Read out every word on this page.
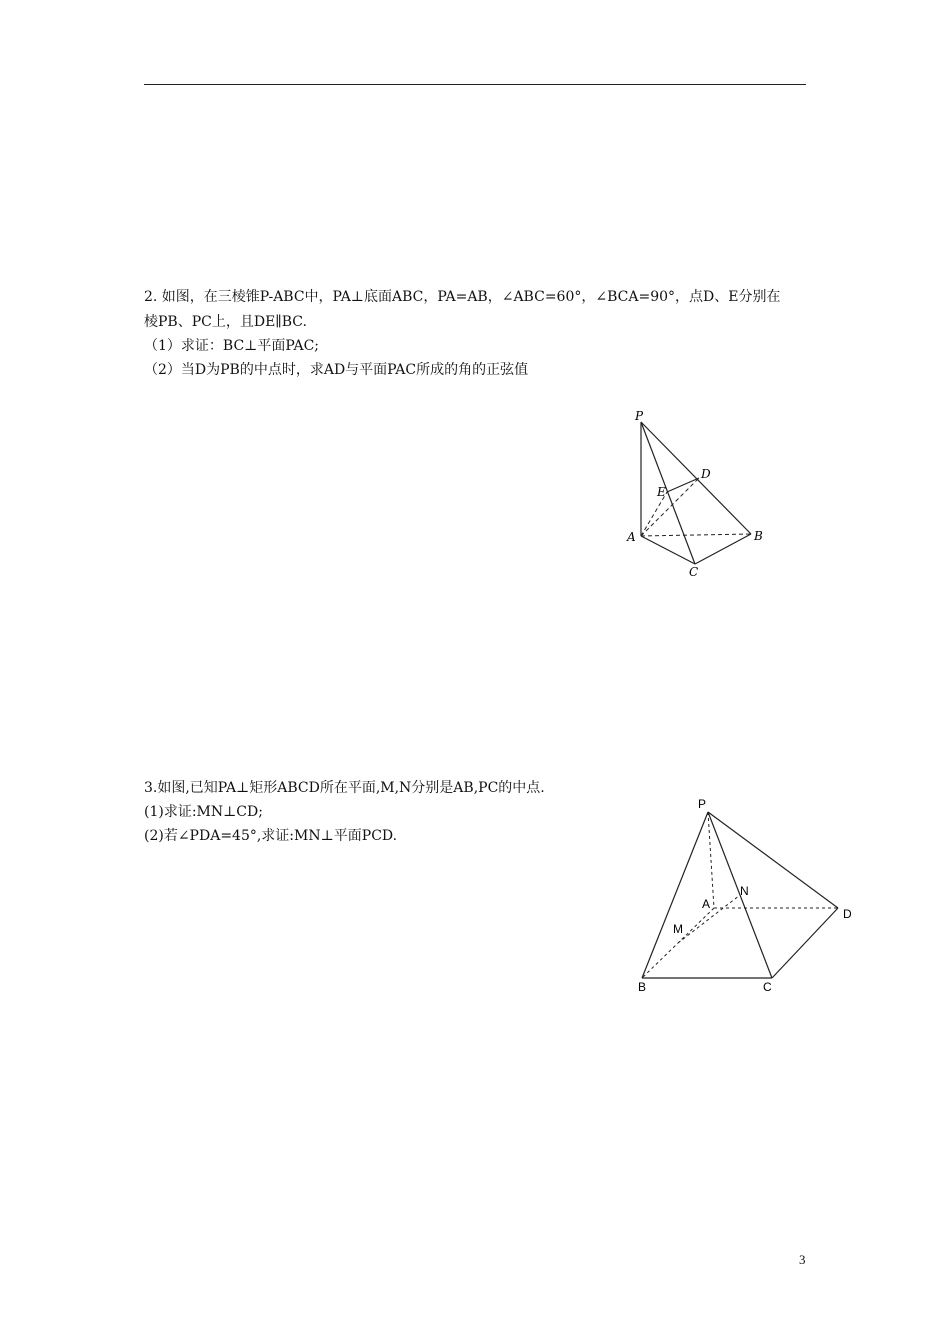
2. 如图，在三棱锥P-ABC中，PA⊥底面ABC，PA=AB，∠ABC=60°，∠BCA=90°，点D、E分别在
棱PB、PC上，且DE∥BC.
（1）求证：BC⊥平面PAC;
（2）当D为PB的中点时，求AD与平面PAC所成的角的正弦值
P
D
E
A	B
C
3.如图,已知PA⊥矩形ABCD所在平面,M,N分别是AB,PC的中点.
(1)求证:MN⊥CD;
(2)若∠PDA=45°,求证:MN⊥平面PCD.
P
N
A
D
M
B	C
3
